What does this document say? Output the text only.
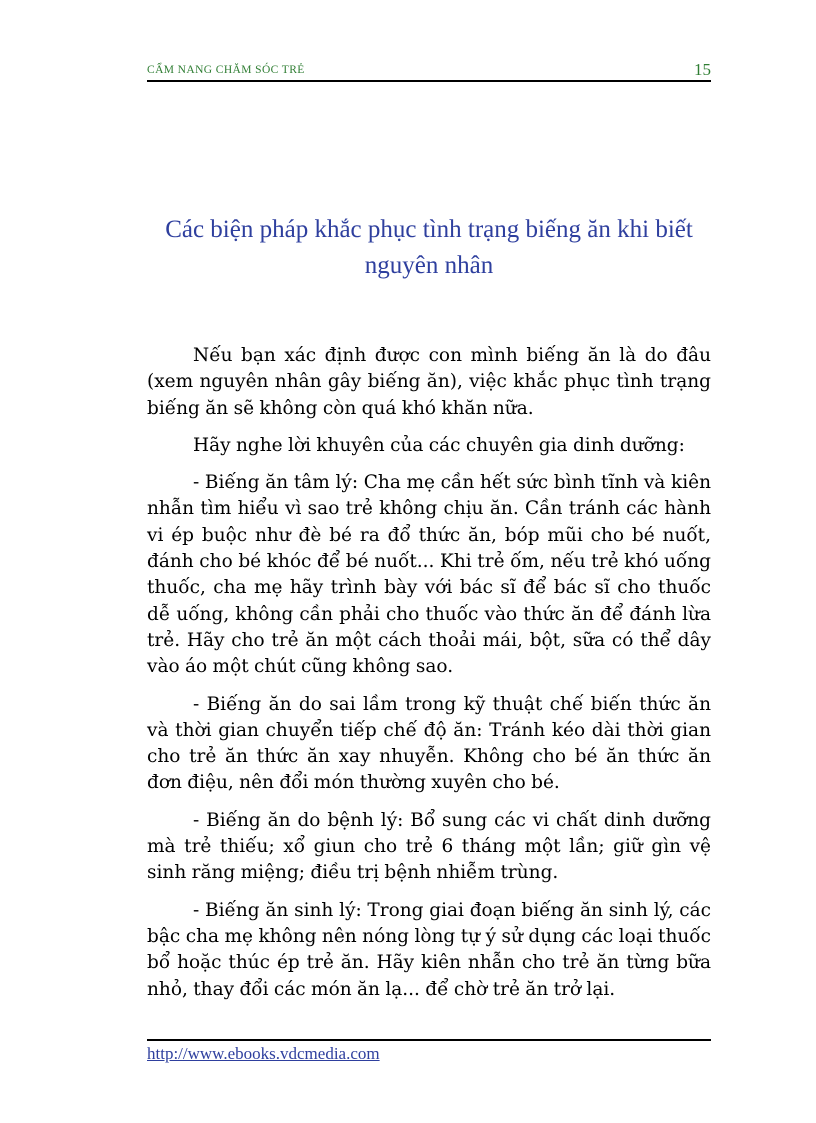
CẨM NANG CHĂM SÓC TRẺ	15
Các biện pháp khắc phục tình trạng biếng ăn khi biết nguyên nhân

Nếu bạn xác định được con mình biếng ăn là do đâu (xem nguyên nhân gây biếng ăn), việc khắc phục tình trạng biếng ăn sẽ không còn quá khó khăn nữa.

Hãy nghe lời khuyên của các chuyên gia dinh dưỡng:

- Biếng ăn tâm lý: Cha mẹ cần hết sức bình tĩnh và kiên nhẫn tìm hiểu vì sao trẻ không chịu ăn. Cần tránh các hành vi ép buộc như đè bé ra đổ thức ăn, bóp mũi cho bé nuốt, đánh cho bé khóc để bé nuốt... Khi trẻ ốm, nếu trẻ khó uống thuốc, cha mẹ hãy trình bày với bác sĩ để bác sĩ cho thuốc dễ uống, không cần phải cho thuốc vào thức ăn để đánh lừa trẻ. Hãy cho trẻ ăn một cách thoải mái, bột, sữa có thể dây vào áo một chút cũng không sao.

- Biếng ăn do sai lầm trong kỹ thuật chế biến thức ăn và thời gian chuyển tiếp chế độ ăn: Tránh kéo dài thời gian cho trẻ ăn thức ăn xay nhuyễn. Không cho bé ăn thức ăn đơn điệu, nên đổi món thường xuyên cho bé.

- Biếng ăn do bệnh lý: Bổ sung các vi chất dinh dưỡng mà trẻ thiếu; xổ giun cho trẻ 6 tháng một lần; giữ gìn vệ sinh răng miệng; điều trị bệnh nhiễm trùng.

- Biếng ăn sinh lý: Trong giai đoạn biếng ăn sinh lý, các bậc cha mẹ không nên nóng lòng tự ý sử dụng các loại thuốc bổ hoặc thúc ép trẻ ăn. Hãy kiên nhẫn cho trẻ ăn từng bữa nhỏ, thay đổi các món ăn lạ... để chờ trẻ ăn trở lại.

http://www.ebooks.vdcmedia.com
